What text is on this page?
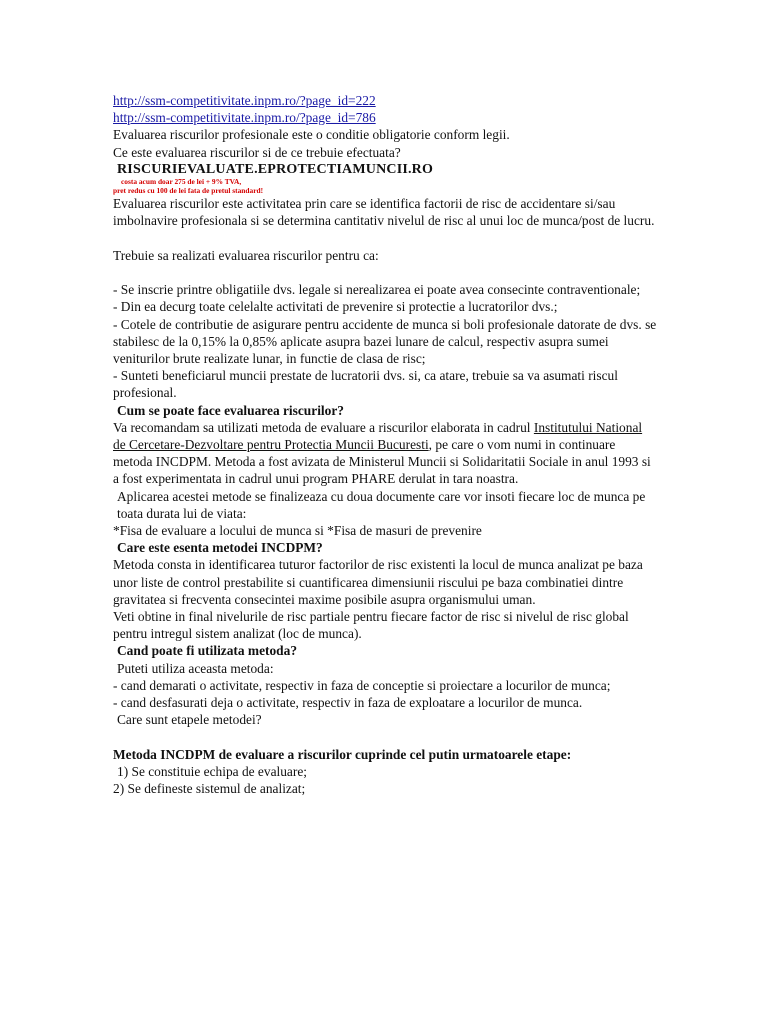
http://ssm-competitivitate.inpm.ro/?page_id=222
http://ssm-competitivitate.inpm.ro/?page_id=786

Evaluarea riscurilor profesionale este o conditie obligatorie conform legii.

Ce este evaluarea riscurilor si de ce trebuie efectuata?

RISCURIEVALUATE.EPROTECTIAMUNCII.RO

costa acum doar 275 de lei + 9% TVA,
pret redus cu 100 de lei fata de pretul standard!

Evaluarea riscurilor este activitatea prin care se identifica factorii de risc de accidentare si/sau imbolnavire profesionala si se determina cantitativ nivelul de risc al unui loc de munca/post de lucru.

Trebuie sa realizati evaluarea riscurilor pentru ca:

- Se inscrie printre obligatiile dvs. legale si nerealizarea ei poate avea consecinte contraventionale;

- Din ea decurg toate celelalte activitati de prevenire si protectie a lucratorilor dvs.;

- Cotele de contributie de asigurare pentru accidente de munca si boli profesionale datorate de dvs. se stabilesc de la 0,15% la 0,85% aplicate asupra bazei lunare de calcul, respectiv asupra sumei veniturilor brute realizate lunar, in functie de clasa de risc;

- Sunteti beneficiarul muncii prestate de lucratorii dvs. si, ca atare, trebuie sa va asumati riscul profesional.

Cum se poate face evaluarea riscurilor?

Va recomandam sa utilizati metoda de evaluare a riscurilor elaborata in cadrul Institutului National de Cercetare-Dezvoltare pentru Protectia Muncii Bucuresti, pe care o vom numi in continuare metoda INCDPM. Metoda a fost avizata de Ministerul Muncii si Solidaritatii Sociale in anul 1993 si a fost experimentata in cadrul unui program PHARE derulat in tara noastra.

Aplicarea acestei metode se finalizeaza cu doua documente care vor insoti fiecare loc de munca pe toata durata lui de viata:

*Fisa de evaluare a locului de munca si *Fisa de masuri de prevenire

Care este esenta metodei INCDPM?

Metoda consta in identificarea tuturor factorilor de risc existenti la locul de munca analizat pe baza unor liste de control prestabilite si cuantificarea dimensiunii riscului pe baza combinatiei dintre gravitatea si frecventa consecintei maxime posibile asupra organismului uman.

Veti obtine in final nivelurile de risc partiale pentru fiecare factor de risc si nivelul de risc global pentru intregul sistem analizat (loc de munca).

Cand poate fi utilizata metoda?

Puteti utiliza aceasta metoda:

- cand demarati o activitate, respectiv in faza de conceptie si proiectare a locurilor de munca;

- cand desfasurati deja o activitate, respectiv in faza de exploatare a locurilor de munca.

Care sunt etapele metodei?

Metoda INCDPM de evaluare a riscurilor cuprinde cel putin urmatoarele etape:

1) Se constituie echipa de evaluare;

2) Se defineste sistemul de analizat;
